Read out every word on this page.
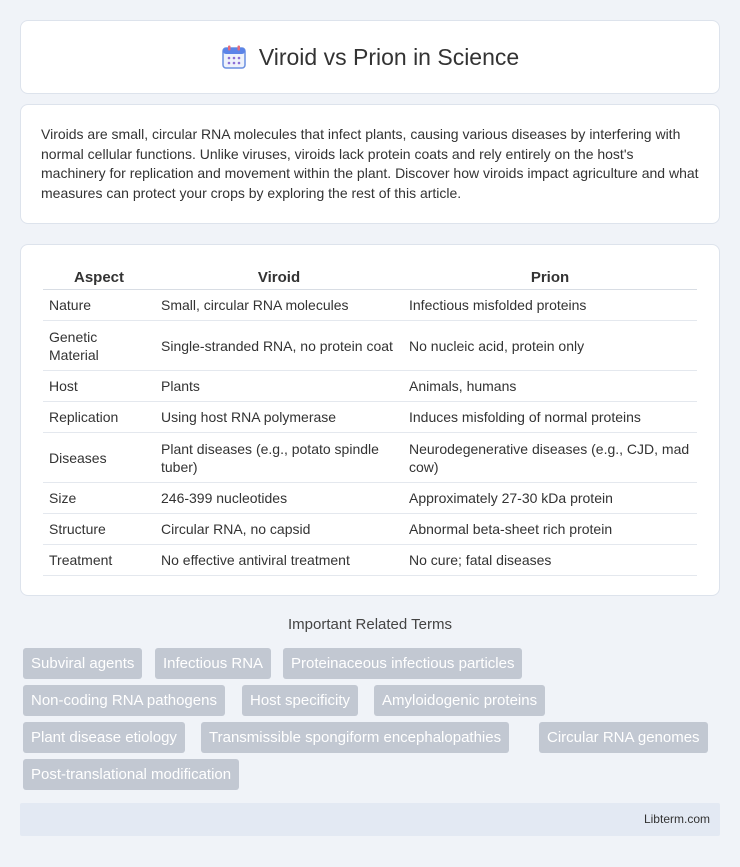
Viroid vs Prion in Science

Viroids are small, circular RNA molecules that infect plants, causing various diseases by interfering with normal cellular functions. Unlike viruses, viroids lack protein coats and rely entirely on the host's machinery for replication and movement within the plant. Discover how viroids impact agriculture and what measures can protect your crops by exploring the rest of this article.

Aspect	Viroid	Prion
Nature	Small, circular RNA molecules	Infectious misfolded proteins
Genetic Material	Single-stranded RNA, no protein coat	No nucleic acid, protein only
Host	Plants	Animals, humans
Replication	Using host RNA polymerase	Induces misfolding of normal proteins
Diseases	Plant diseases (e.g., potato spindle tuber)	Neurodegenerative diseases (e.g., CJD, mad cow)
Size	246-399 nucleotides	Approximately 27-30 kDa protein
Structure	Circular RNA, no capsid	Abnormal beta-sheet rich protein
Treatment	No effective antiviral treatment	No cure; fatal diseases
Important Related Terms
Subviral agents	Infectious RNA	Proteinaceous infectious particles
Non-coding RNA pathogens	Host specificity	Amyloidogenic proteins
Plant disease etiology	Transmissible spongiform encephalopathies	Circular RNA genomes
Post-translational modification
Libterm.com
